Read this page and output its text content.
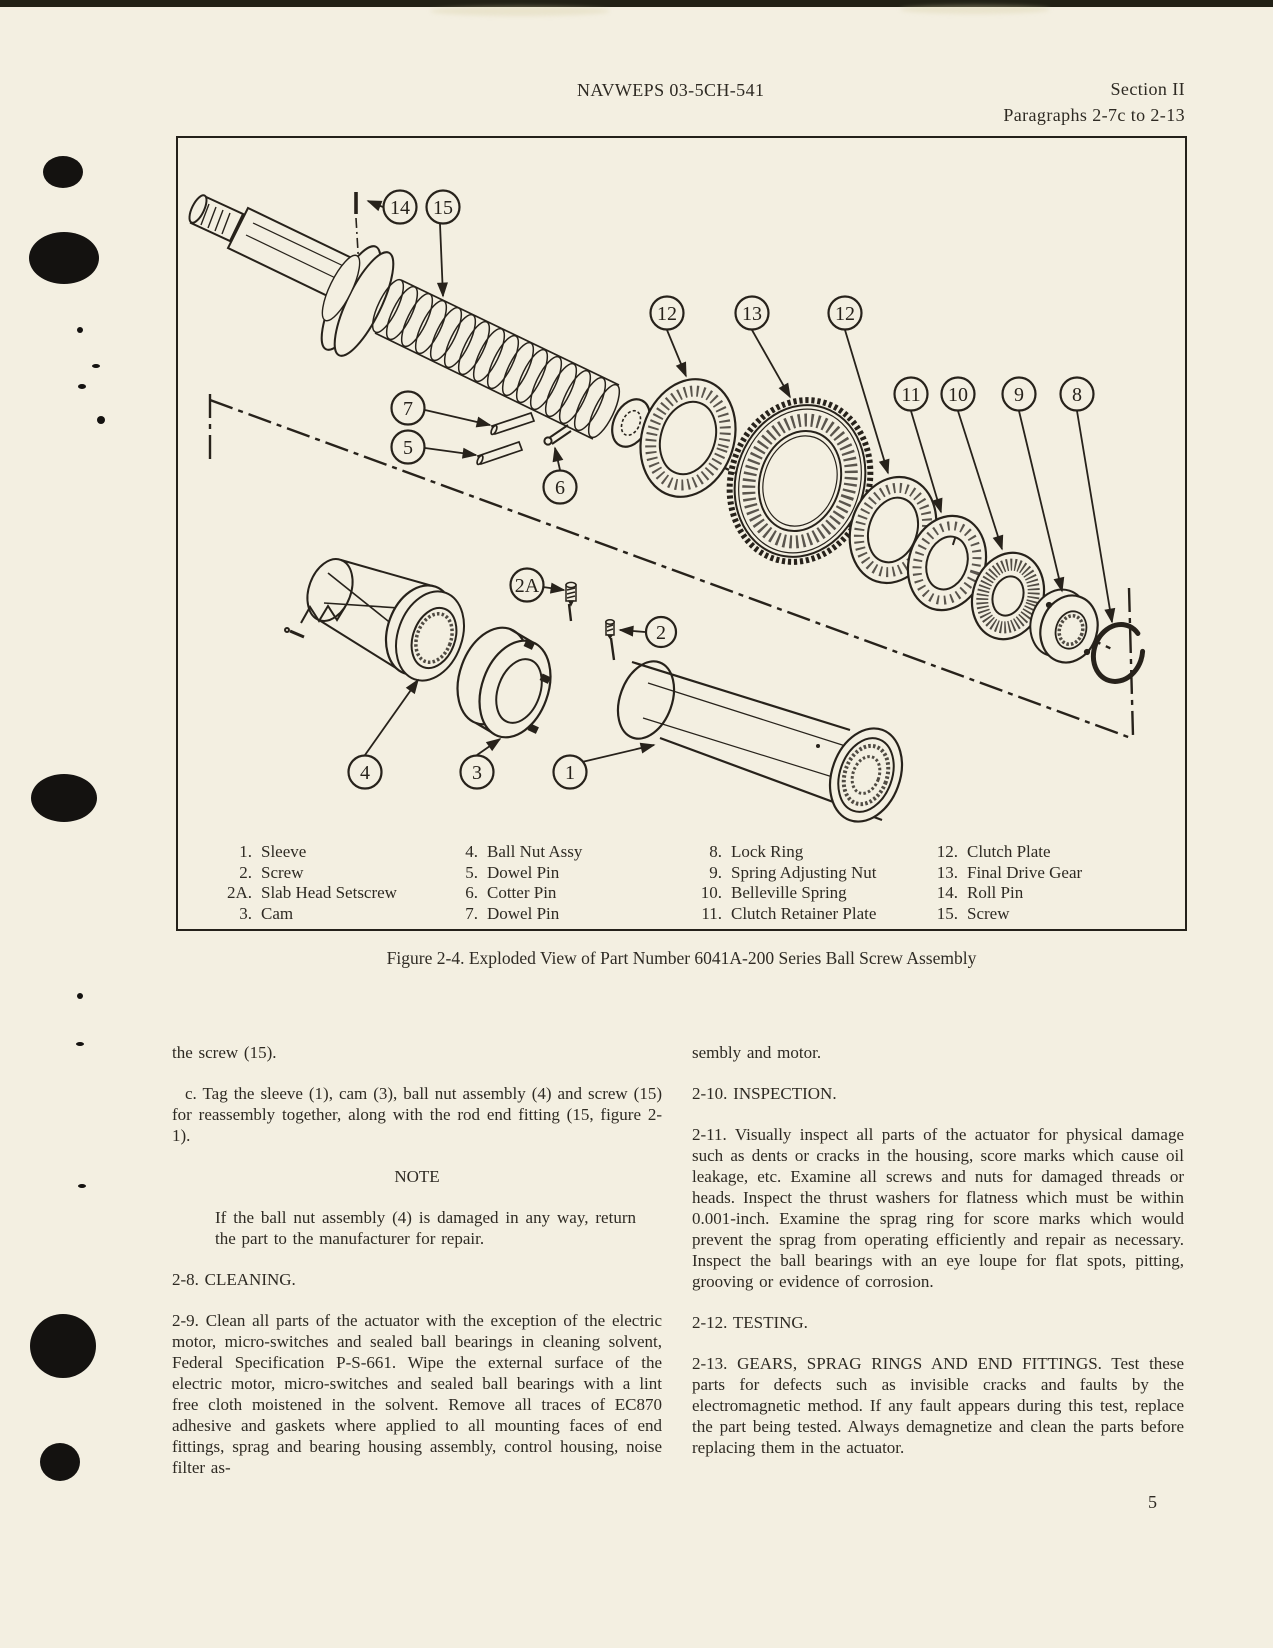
NAVWEPS 03-5CH-541	Section II
Paragraphs 2-7c to 2-13
14 15
12	13	12
11 10 9 8
7
5
6
2A
2
4	3	1
1. Sleeve
2. Screw
2A. Slab Head Setscrew
3. Cam
4. Ball Nut Assy
5. Dowel Pin
6. Cotter Pin
7. Dowel Pin
8. Lock Ring
9. Spring Adjusting Nut
10. Belleville Spring
11. Clutch Retainer Plate
12. Clutch Plate
13. Final Drive Gear
14. Roll Pin
15. Screw
Figure 2-4. Exploded View of Part Number 6041A-200 Series Ball Screw Assembly

the screw (15).

c. Tag the sleeve (1), cam (3), ball nut assembly (4) and screw (15) for reassembly together, along with the rod end fitting (15, figure 2-1).

NOTE

If the ball nut assembly (4) is damaged in any way, return the part to the manufacturer for repair.

2-8. CLEANING.

2-9. Clean all parts of the actuator with the exception of the electric motor, micro-switches and sealed ball bearings in cleaning solvent, Federal Specification P-S-661. Wipe the external surface of the electric motor, micro-switches and sealed ball bearings with a lint free cloth moistened in the solvent. Remove all traces of EC870 adhesive and gaskets where applied to all mounting faces of end fittings, sprag and bearing housing assembly, control housing, noise filter as-

sembly and motor.

2-10. INSPECTION.

2-11. Visually inspect all parts of the actuator for physical damage such as dents or cracks in the housing, score marks which cause oil leakage, etc. Examine all screws and nuts for damaged threads or heads. Inspect the thrust washers for flatness which must be within 0.001-inch. Examine the sprag ring for score marks which would prevent the sprag from operating efficiently and repair as necessary. Inspect the ball bearings with an eye loupe for flat spots, pitting, grooving or evidence of corrosion.

2-12. TESTING.

2-13. GEARS, SPRAG RINGS AND END FITTINGS. Test these parts for defects such as invisible cracks and faults by the electromagnetic method. If any fault appears during this test, replace the part being tested. Always demagnetize and clean the parts before replacing them in the actuator.

5
